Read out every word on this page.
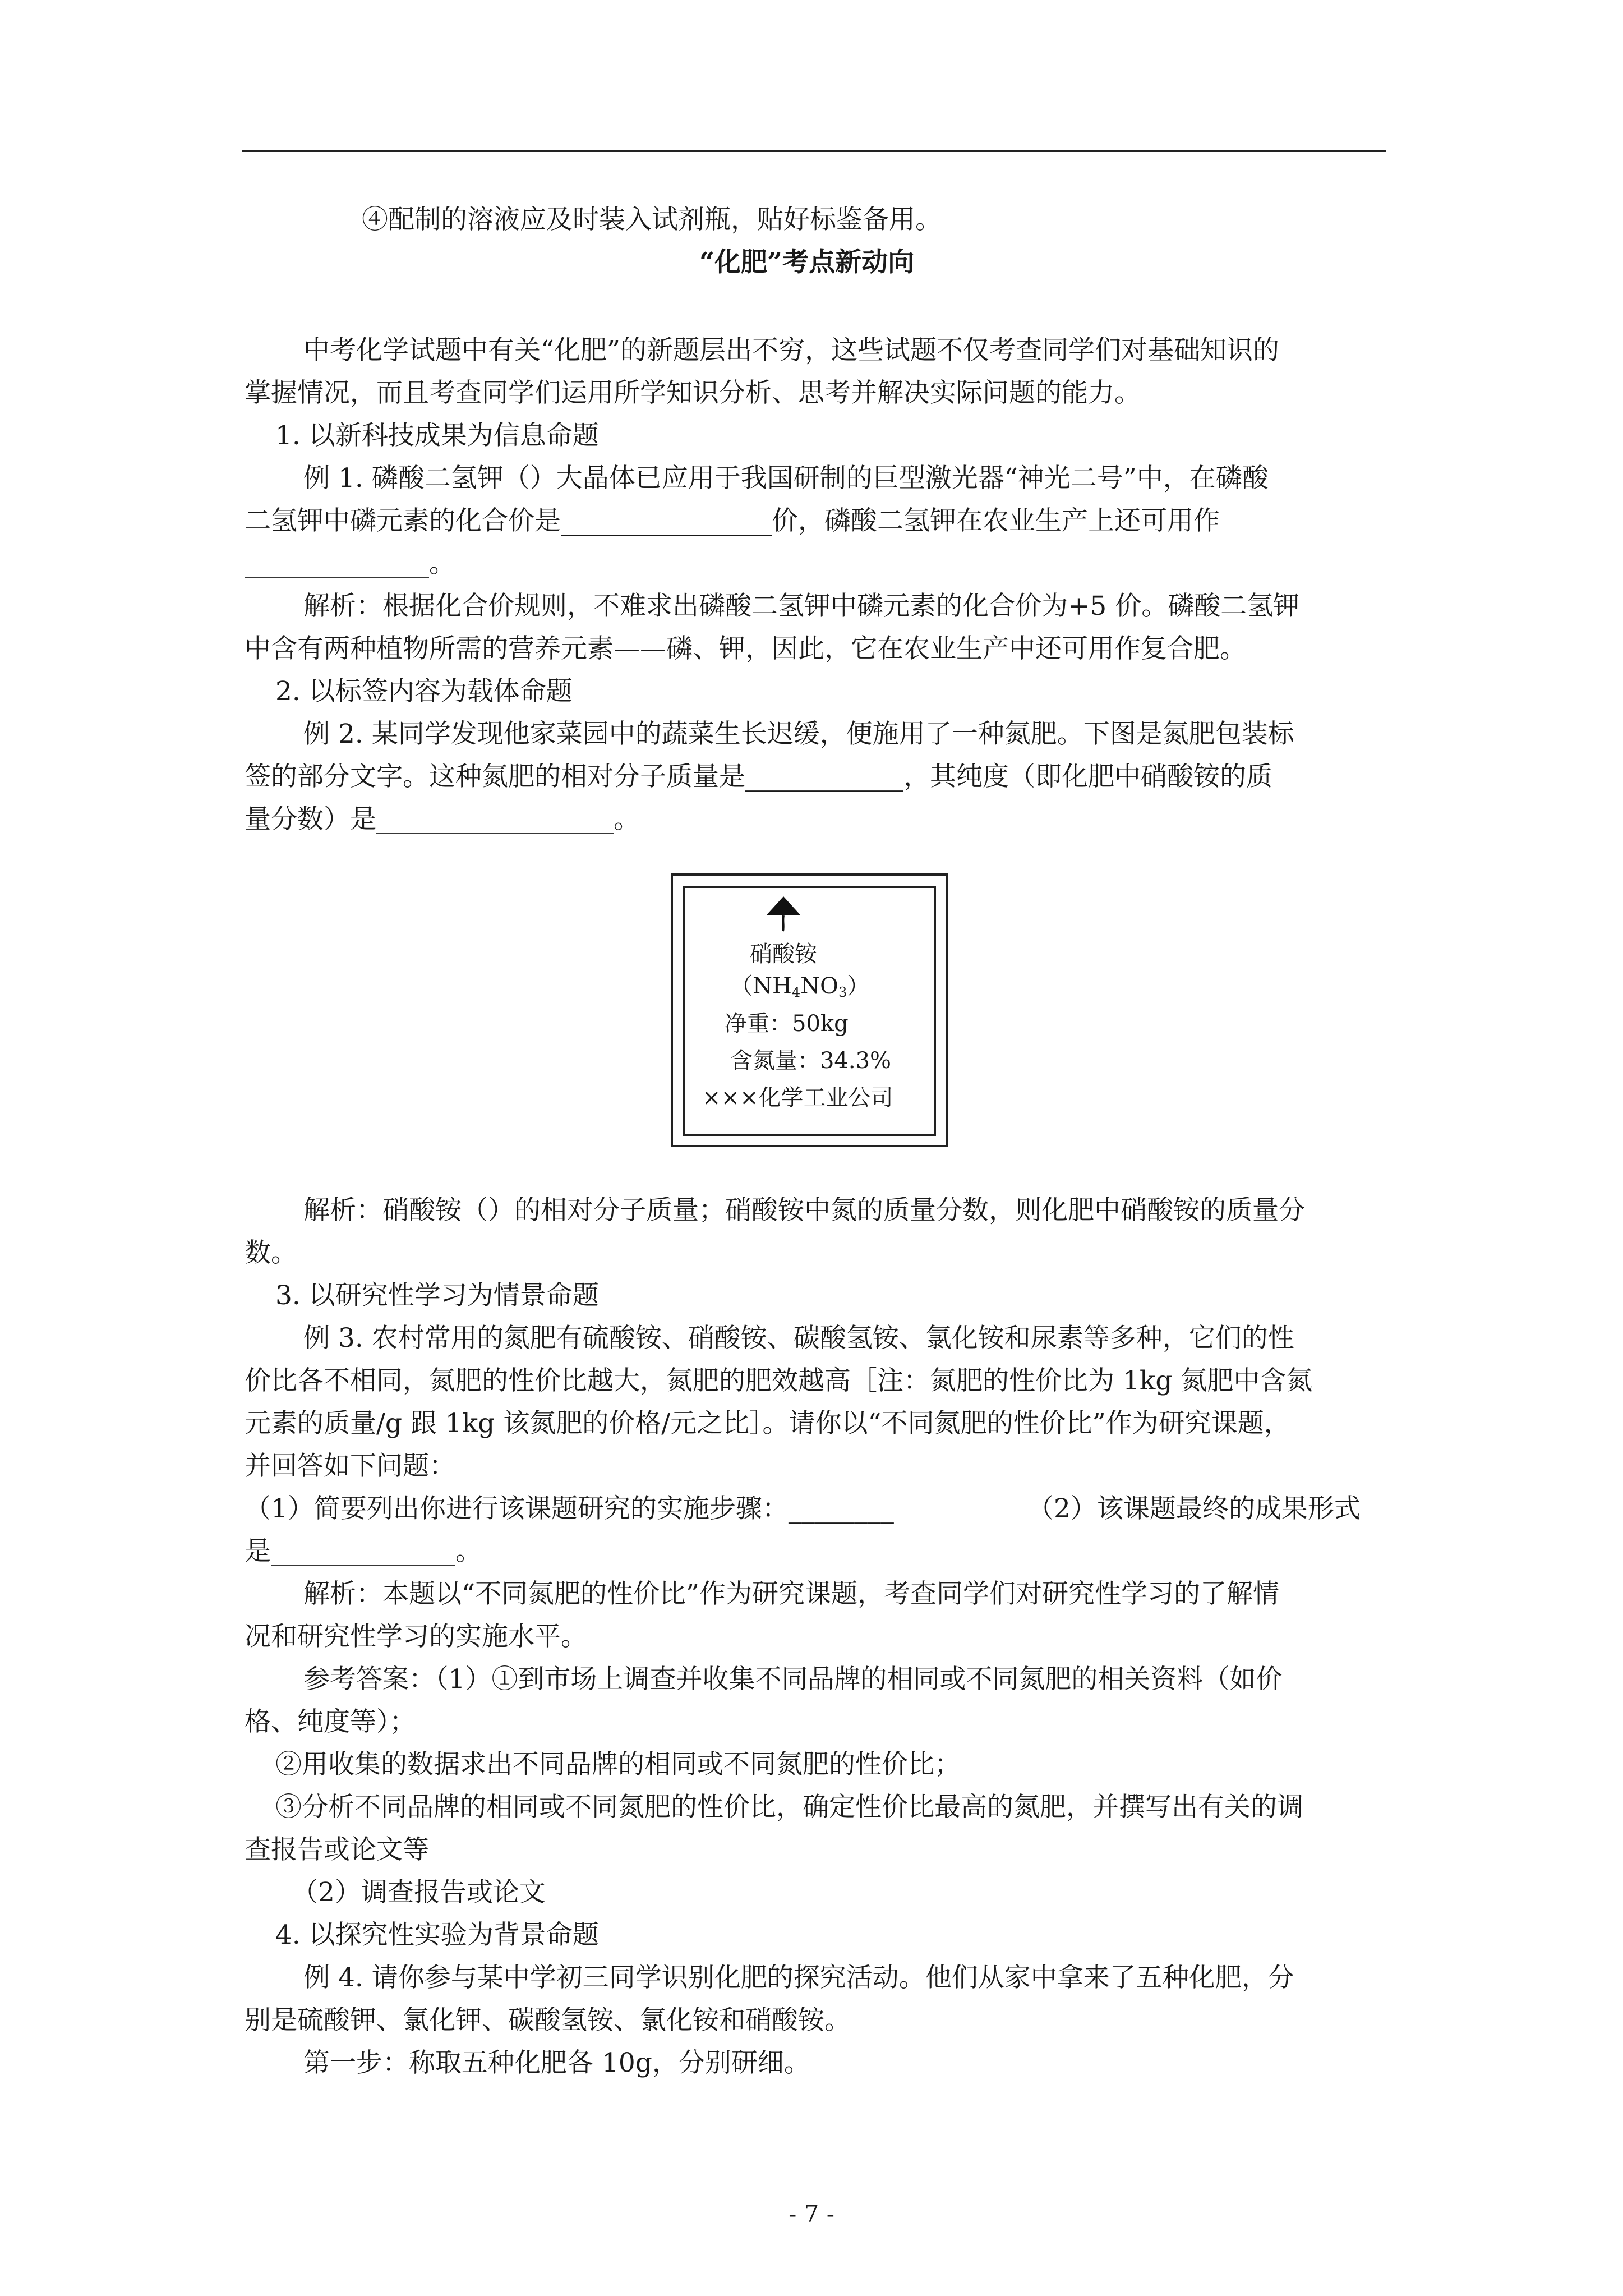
④配制的溶液应及时装入试剂瓶，贴好标鉴备用。
“化肥”考点新动向
中考化学试题中有关“化肥”的新题层出不穷，这些试题不仅考查同学们对基础知识的
掌握情况，而且考查同学们运用所学知识分析、思考并解决实际问题的能力。
1. 以新科技成果为信息命题
例 1. 磷酸二氢钾（）大晶体已应用于我国研制的巨型激光器“神光二号”中，在磷酸
二氢钾中磷元素的化合价是________________价，磷酸二氢钾在农业生产上还可用作
______________。
解析：根据化合价规则，不难求出磷酸二氢钾中磷元素的化合价为+5 价。磷酸二氢钾
中含有两种植物所需的营养元素——磷、钾，因此，它在农业生产中还可用作复合肥。
2. 以标签内容为载体命题
例 2. 某同学发现他家菜园中的蔬菜生长迟缓，便施用了一种氮肥。下图是氮肥包装标
签的部分文字。这种氮肥的相对分子质量是____________，其纯度（即化肥中硝酸铵的质
量分数）是__________________。
硝酸铵
$(NH_4NO_3)$
净重：50kg
含氮量：34.3%
×××化学工业公司
解析：硝酸铵（）的相对分子质量；硝酸铵中氮的质量分数，则化肥中硝酸铵的质量分
数。
3. 以研究性学习为情景命题
例 3. 农村常用的氮肥有硫酸铵、硝酸铵、碳酸氢铵、氯化铵和尿素等多种，它们的性
价比各不相同，氮肥的性价比越大，氮肥的肥效越高［注：氮肥的性价比为 1kg 氮肥中含氮
元素的质量/g 跟 1kg 该氮肥的价格/元之比］。请你以“不同氮肥的性价比”作为研究课题，
并回答如下问题：
（1）简要列出你进行该课题研究的实施步骤：________	（2）该课题最终的成果形式
是______________。
解析：本题以“不同氮肥的性价比”作为研究课题，考查同学们对研究性学习的了解情
况和研究性学习的实施水平。
参考答案：（1）①到市场上调查并收集不同品牌的相同或不同氮肥的相关资料（如价
格、纯度等）；
②用收集的数据求出不同品牌的相同或不同氮肥的性价比；
③分析不同品牌的相同或不同氮肥的性价比，确定性价比最高的氮肥，并撰写出有关的调
查报告或论文等
（2）调查报告或论文
4. 以探究性实验为背景命题
例 4. 请你参与某中学初三同学识别化肥的探究活动。他们从家中拿来了五种化肥，分
别是硫酸钾、氯化钾、碳酸氢铵、氯化铵和硝酸铵。
第一步：称取五种化肥各 10g，分别研细。
- 7 -
